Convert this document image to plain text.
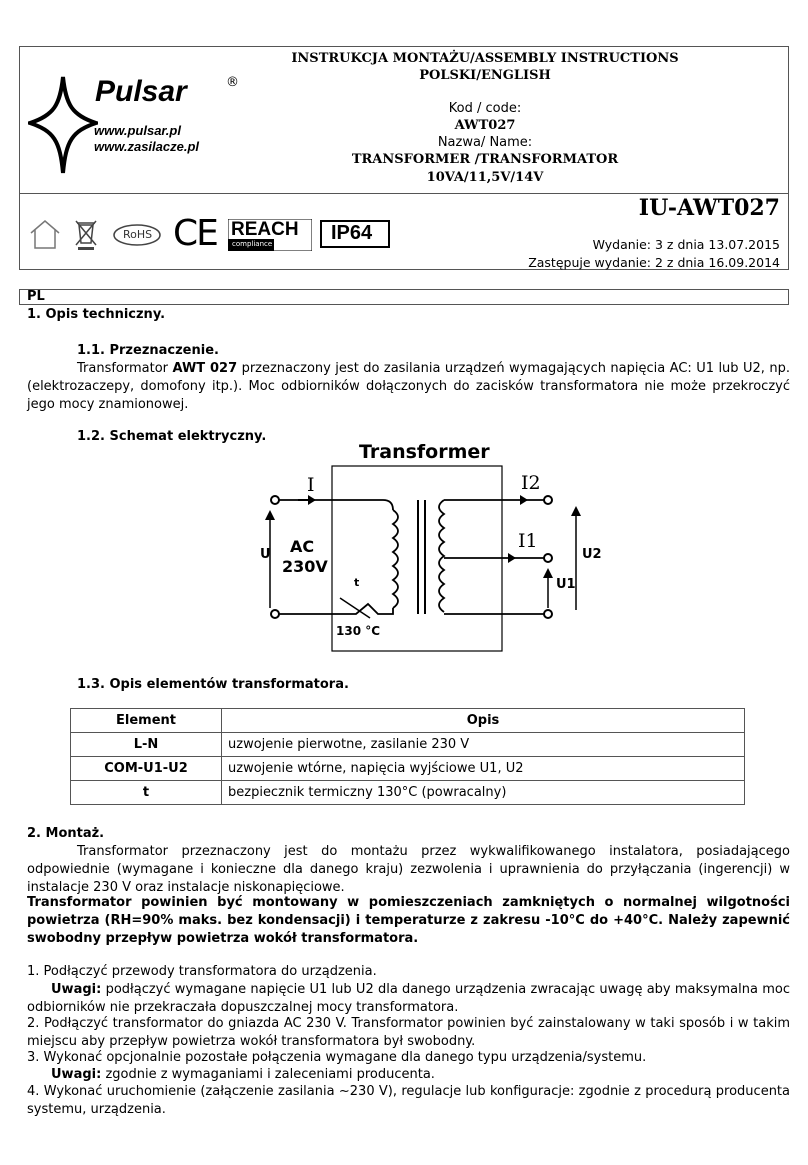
Pulsar	®
www.pulsar.pl
www.zasilacze.pl
INSTRUKCJA MONTAŻU/ASSEMBLY INSTRUCTIONS
POLSKI/ENGLISH
Kod / code:
AWT027
Nazwa/ Name:
TRANSFORMER /TRANSFORMATOR
10VA/11,5V/14V
RoHS CE REACH
compliance	IP64
IU-AWT027
Wydanie: 3 z dnia 13.07.2015
Zastępuje wydanie: 2 z dnia 16.09.2014
PL
1. Opis techniczny.
1.1. Przeznaczenie.
Transformator AWT 027 przeznaczony jest do zasilania urządzeń wymagających napięcia AC: U1 lub U2, np. (elektrozaczepy, domofony itp.). Moc odbiorników dołączonych do zacisków transformatora nie może przekroczyć jego mocy znamionowej.
1.2. Schemat elektryczny.
Transformer
I	I2
I1
U AC
230V
t
130 °C
U1
U2
1.3. Opis elementów transformatora.
Element	Opis
L-N	uzwojenie pierwotne, zasilanie 230 V
COM-U1-U2	uzwojenie wtórne, napięcia wyjściowe U1, U2
t	bezpiecznik termiczny 130°C (powracalny)
2. Montaż.
Transformator przeznaczony jest do montażu przez wykwalifikowanego instalatora, posiadającego odpowiednie (wymagane i konieczne dla danego kraju) zezwolenia i uprawnienia do przyłączania (ingerencji) w instalacje 230 V oraz instalacje niskonapięciowe.
Transformator powinien być montowany w pomieszczeniach zamkniętych o normalnej wilgotności powietrza (RH=90% maks. bez kondensacji) i temperaturze z zakresu -10°C do +40°C. Należy zapewnić swobodny przepływ powietrza wokół transformatora.
1. Podłączyć przewody transformatora do urządzenia.
Uwagi: podłączyć wymagane napięcie U1 lub U2 dla danego urządzenia zwracając uwagę aby maksymalna moc odbiorników nie przekraczała dopuszczalnej mocy transformatora.
2. Podłączyć transformator do gniazda AC 230 V. Transformator powinien być zainstalowany w taki sposób i w takim miejscu aby przepływ powietrza wokół transformatora był swobodny.
3. Wykonać opcjonalnie pozostałe połączenia wymagane dla danego typu urządzenia/systemu.
Uwagi: zgodnie z wymaganiami i zaleceniami producenta.
4. Wykonać uruchomienie (załączenie zasilania ~230 V), regulacje lub konfiguracje: zgodnie z procedurą producenta systemu, urządzenia.
